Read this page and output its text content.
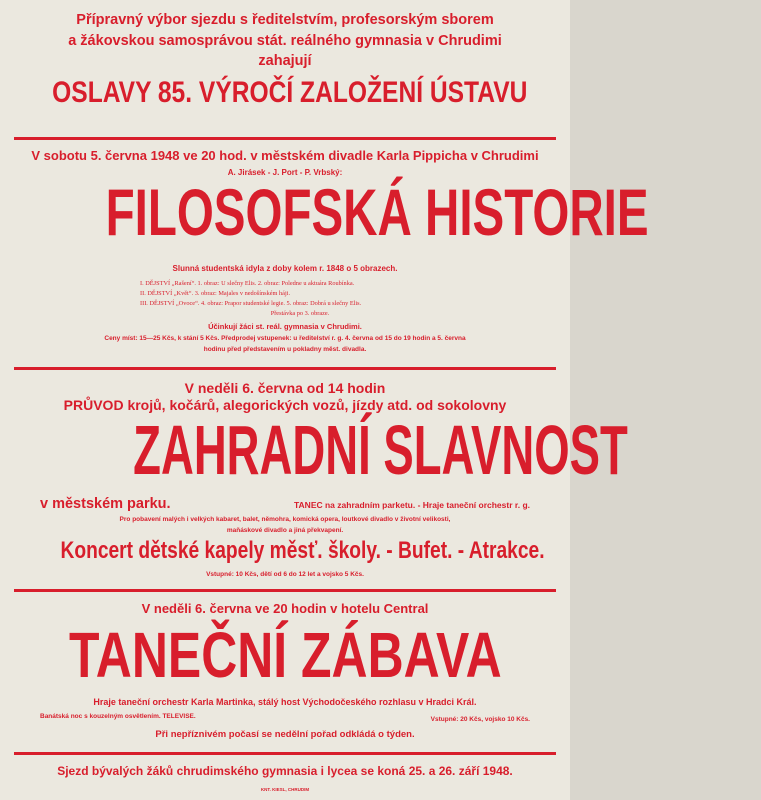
Přípravný výbor sjezdu s ředitelstvím, profesorským sborem
a žákovskou samosprávou stát. reálného gymnasia v Chrudimi
zahajují
OSLAVY 85. VÝROČÍ ZALOŽENÍ ÚSTAVU
V sobotu 5. června 1948 ve 20 hod. v městském divadle Karla Pippicha v Chrudimi
A. Jirásek - J. Port - P. Vrbský:
FILOSOFSKÁ HISTORIE
Slunná studentská idyla z doby kolem r. 1848 o 5 obrazech.
I. DĚJSTVÍ „Rašení“. 1. obraz: U slečny Elis. 2. obraz: Poledne u aktuára Roubínka.
II. DĚJSTVÍ „Květ“. 3. obraz: Majales v nedošínském háji.
III. DĚJSTVÍ „Ovoce“. 4. obraz: Prapor studentské legie. 5. obraz: Dobrá u slečny Elis.
Přestávka po 3. obraze.
Účinkují žáci st. reál. gymnasia v Chrudimi.
Ceny míst: 15—25 Kčs, k stání 5 Kčs. Předprodej vstupenek: u ředitelství r. g. 4. června od 15 do 19 hodin a 5. června
hodinu před představením u pokladny měst. divadla.
V neděli 6. června od 14 hodin
PRŮVOD krojů, kočárů, alegorických vozů, jízdy atd. od sokolovny
ZAHRADNÍ SLAVNOST
v městském parku.	TANEC na zahradním parketu. - Hraje taneční orchestr r. g.
Pro pobavení malých i velkých kabaret, balet, němohra, komická opera, loutkové divadlo v životní velikosti,
maňáskové divadlo a jiná překvapení.
Koncert dětské kapely měsť. školy. - Bufet. - Atrakce.
Vstupné: 10 Kčs, dětí od 6 do 12 let a vojsko 5 Kčs.
V neděli 6. června ve 20 hodin v hotelu Central
TANEČNÍ ZÁBAVA
Hraje taneční orchestr Karla Martinka, stálý host Východočeského rozhlasu v Hradci Král.
Banátská noc s kouzelným osvětlením. TELEVISE.	Vstupné: 20 Kčs, vojsko 10 Kčs.
Při nepříznivém počasí se nedělní pořad odkládá o týden.
Sjezd bývalých žáků chrudimského gymnasia i lycea se koná 25. a 26. září 1948.
KNT. KIESL, CHRUDIM
